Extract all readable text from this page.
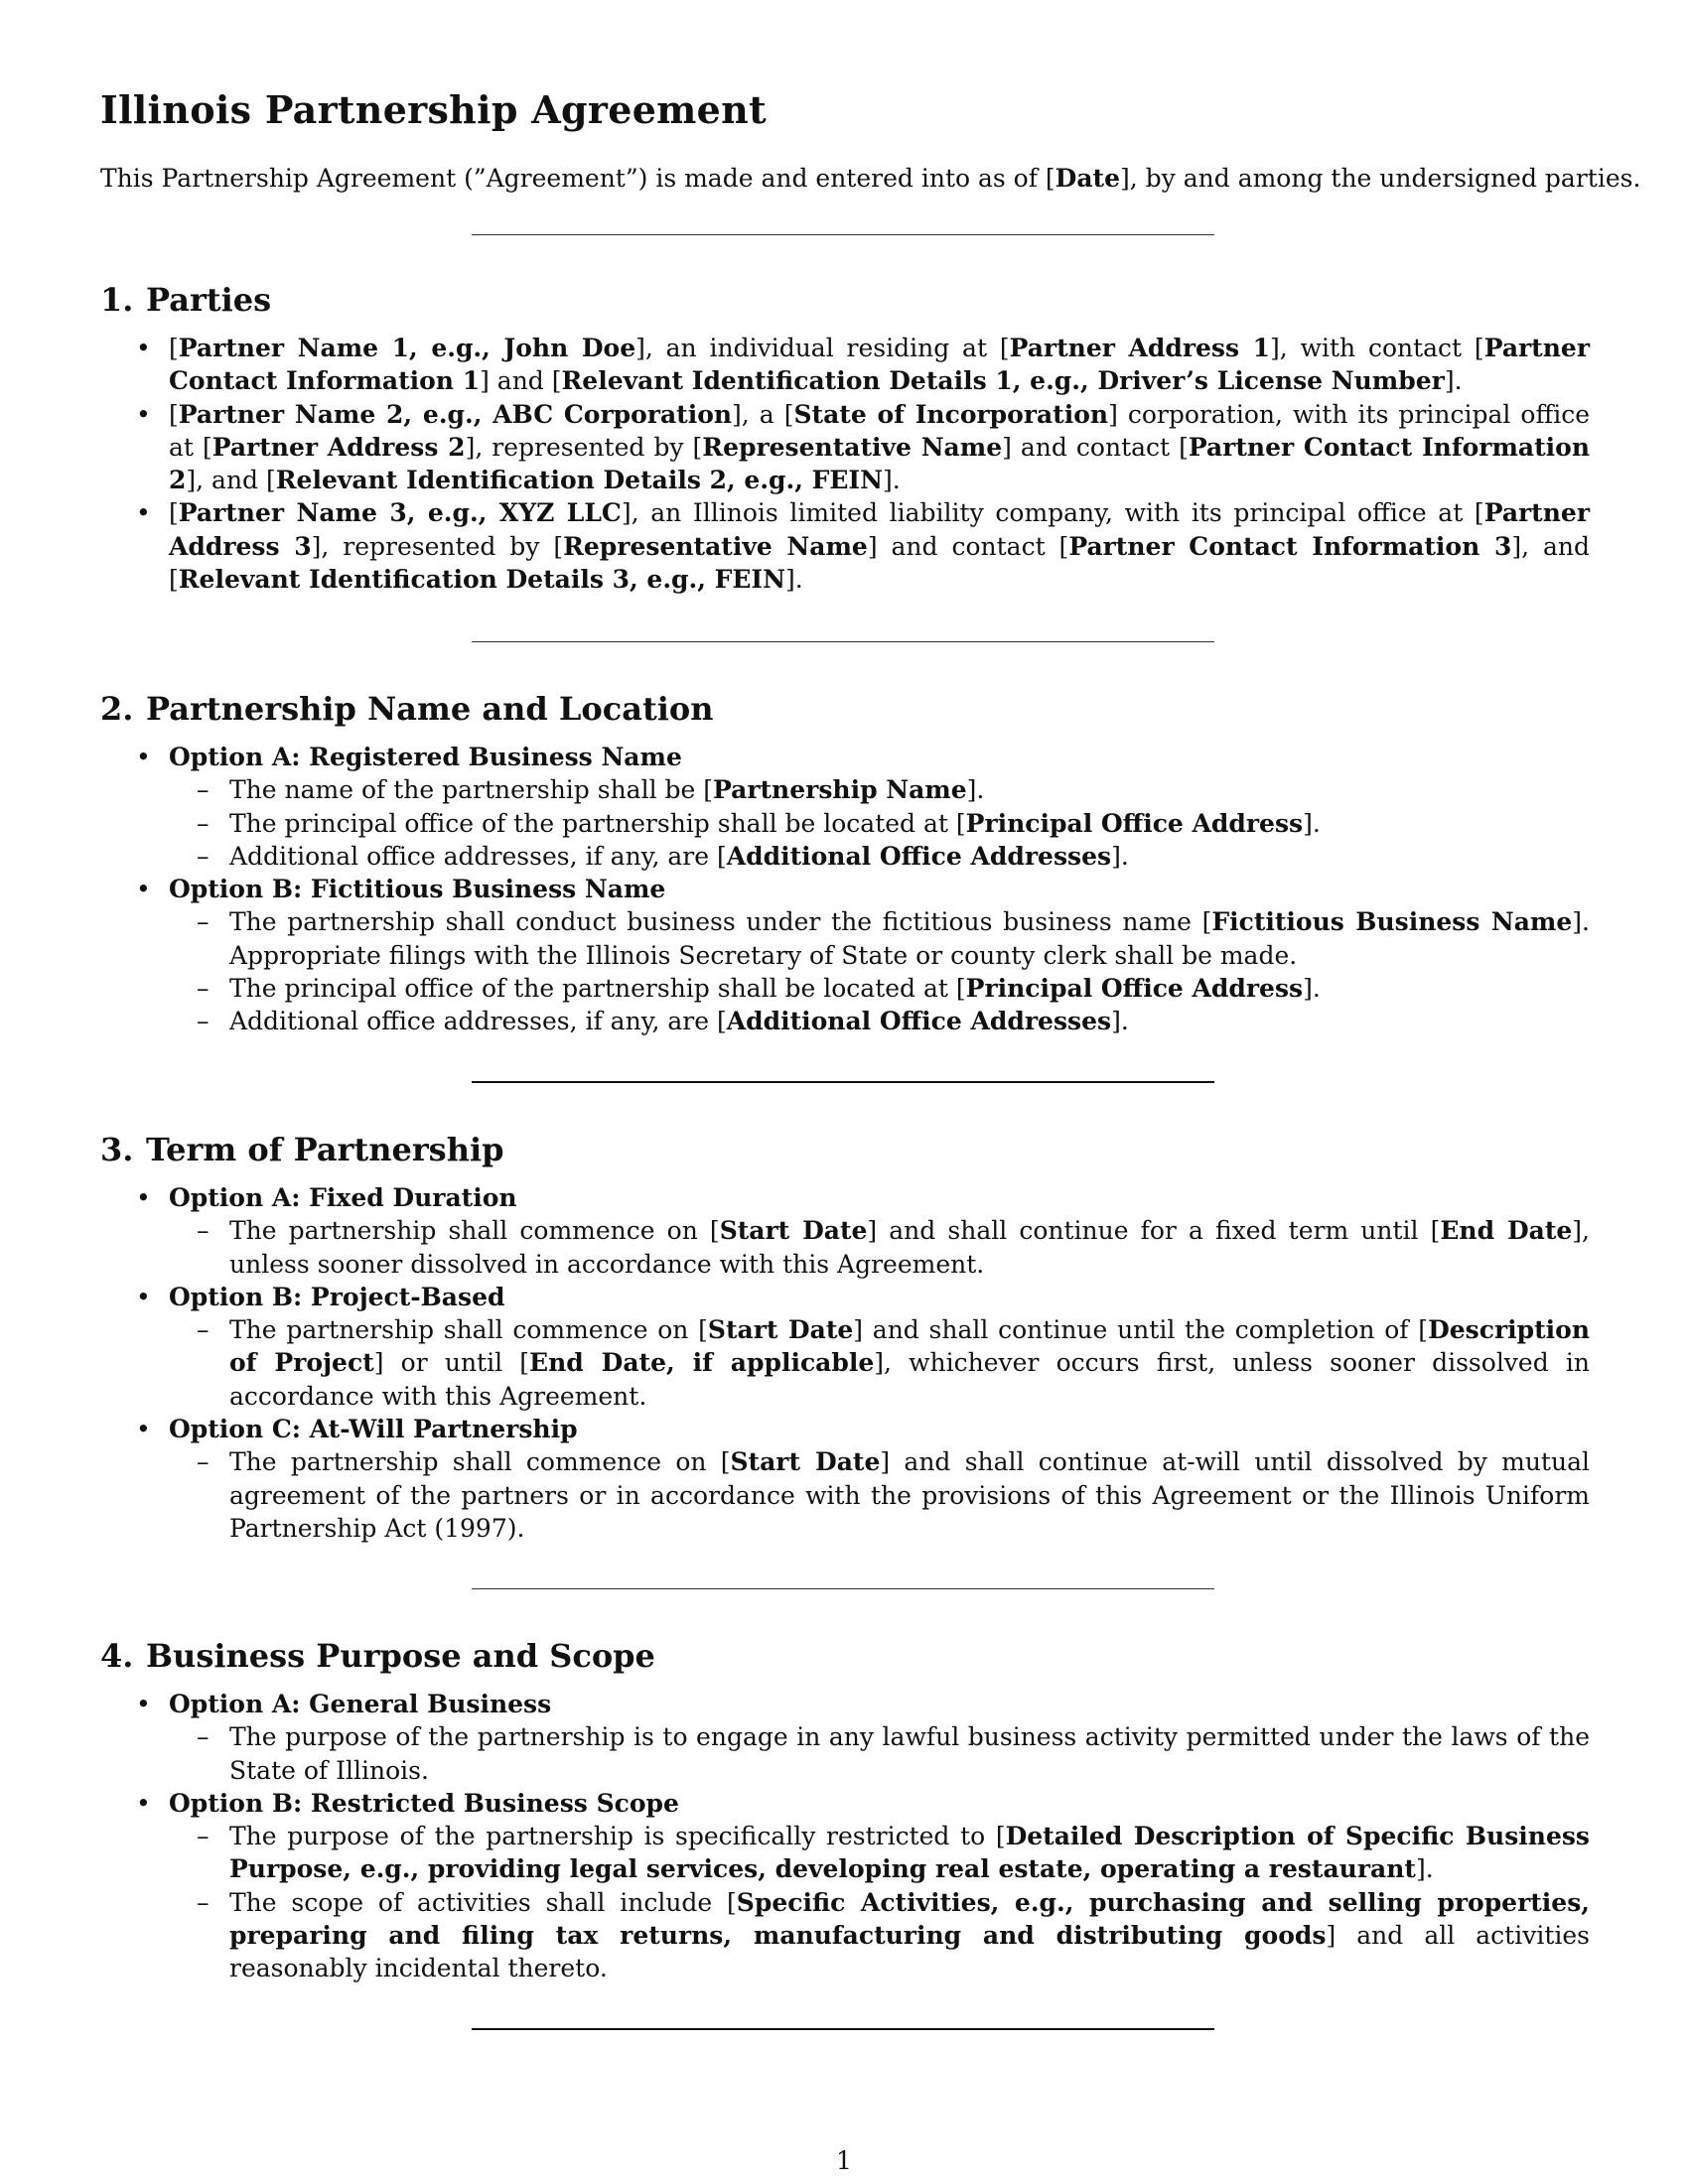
Illinois Partnership Agreement

This Partnership Agreement (”Agreement”) is made and entered into as of [Date], by and among the undersigned parties.

1. Parties
• [Partner Name 1, e.g., John Doe], an individual residing at [Partner Address 1], with contact [Partner Contact Information 1] and [Relevant Identification Details 1, e.g., Driver’s License Number].
• [Partner Name 2, e.g., ABC Corporation], a [State of Incorporation] corporation, with its principal office at [Partner Address 2], represented by [Representative Name] and contact [Partner Contact Information 2], and [Relevant Identification Details 2, e.g., FEIN].
• [Partner Name 3, e.g., XYZ LLC], an Illinois limited liability company, with its principal office at [Partner Address 3], represented by [Representative Name] and contact [Partner Contact Information 3], and [Relevant Identification Details 3, e.g., FEIN].
2. Partnership Name and Location
• Option A: Registered Business Name
– The name of the partnership shall be [Partnership Name].
– The principal office of the partnership shall be located at [Principal Office Address].
– Additional office addresses, if any, are [Additional Office Addresses].
• Option B: Fictitious Business Name
– The partnership shall conduct business under the fictitious business name [Fictitious Business Name]. Appropriate filings with the Illinois Secretary of State or county clerk shall be made.
– The principal office of the partnership shall be located at [Principal Office Address].
– Additional office addresses, if any, are [Additional Office Addresses].
3. Term of Partnership
• Option A: Fixed Duration
– The partnership shall commence on [Start Date] and shall continue for a fixed term until [End Date], unless sooner dissolved in accordance with this Agreement.
• Option B: Project-Based
– The partnership shall commence on [Start Date] and shall continue until the completion of [Description of Project] or until [End Date, if applicable], whichever occurs first, unless sooner dissolved in accordance with this Agreement.
• Option C: At-Will Partnership
– The partnership shall commence on [Start Date] and shall continue at-will until dissolved by mutual agreement of the partners or in accordance with the provisions of this Agreement or the Illinois Uniform Partnership Act (1997).
4. Business Purpose and Scope
• Option A: General Business
– The purpose of the partnership is to engage in any lawful business activity permitted under the laws of the State of Illinois.
• Option B: Restricted Business Scope
– The purpose of the partnership is specifically restricted to [Detailed Description of Specific Business Purpose, e.g., providing legal services, developing real estate, operating a restaurant].
– The scope of activities shall include [Specific Activities, e.g., purchasing and selling properties, preparing and filing tax returns, manufacturing and distributing goods] and all activities reasonably incidental thereto.
1
